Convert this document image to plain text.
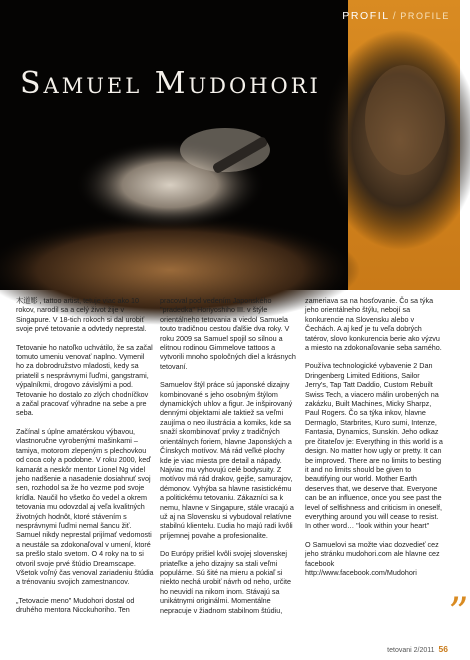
PROFIL / PROFILE
Samuel Mudohori

木道彫 , tattoo artist, tetuje viac ako 10 rokov, narodil sa a celý život žije v Singapure. V 18-tich rokoch si dal urobiť svoje prvé tetovanie a odvtedy neprestal.

Tetovanie ho natoľko uchvátilo, že sa začal tomuto umeniu venovať naplno. Vymenil ho za dobrodružstvo mladosti, kedy sa priatelil s nesprávnymi ľuďmi, gangstrami, výpalníkmi, drogovo závislými a pod. Tetovanie ho dostalo zo zlých chodníčkov a začal pracovať výhradne na sebe a pre seba.

Začínal s úplne amatérskou výbavou, vlastnoručne vyrobenými mašinkami – tamiya, motorom zlepeným s plechovkou od coca coly a podobne. V roku 2000, keď kamarát a neskôr mentor Lionel Ng videl jeho nadšenie a nasadenie dosiahnuť svoj sen, rozhodol sa že ho vezme pod svoje krídla. Naučil ho všetko čo vedel a okrem tetovania mu odovzdal aj veľa kvalitných životných hodnôt, ktoré stávením s nesprávnymi ľuďmi nemal šancu žiť. Samuel nikdy neprestal prijímať vedomosti a neustále sa zdokonaľoval v umení, ktoré sa prešlo stalo svetom. O 4 roky na to si otvoril svoje prvé štúdio Dreamscape. Všetok voľný čas venoval zariadeniu štúdia a trénovaniu svojich zamestnancov.

„Tetovacie meno" Mudohori dostal od druhého mentora Nicckuhoriho. Ten

pracoval pod vedením Japonského "pradedka" Horiyoshiho III. v štýle orientálneho tetovania a viedol Samuela touto tradičnou cestou ďalšie dva roky. V roku 2009 sa Samuel spojil so silnou a elitnou rodinou Gimmelove tattoos a vytvorili mnoho spoločných diel a krásnych tetovaní.

Samuelov štýl práce sú japonské dizajny kombinované s jeho osobným štýlom dynamických uhlov a figur. Je inšpirovaný dennými objektami ale taktiež sa veľmi zaujíma o neo ilustrácia a komiks, kde sa snaží skombinovať prvky z tradičných orientálnych foriem, hlavne Japonských a Čínskych motívov. Má rád veľké plochy kde je viac miesta pre detail a nápady. Najviac mu vyhovujú celé bodysuity. Z motívov má rád drakov, gejše, samurajov, démonov. Vyhýba sa hlavne rasistickému a politickému tetovaniu. Zákazníci sa k nemu, hlavne v Singapure, stále vracajú a už aj na Slovensku si vybudoval relatívne stabilnú klientelu. Ľudia ho majú radi kvôli príjemnej povahe a profesionalite.

Do Európy prišiel kvôli svojej slovenskej priateľke a jeho dizajny sa stali veľmi populárne. Sú šité na mieru a pokiaľ si niekto nechá urobiť návrh od neho, určite ho neuvidí na nikom inom. Stávajú sa unikátnymi originálmi. Momentálne nepracuje v žiadnom stabilnom štúdiu,

zameriava sa na hosťovanie. Čo sa týka jeho orientálneho štýlu, nebojí sa konkurencie na Slovensku alebo v Čechách. A aj keď je tu veľa dobrých tatérov, slovo konkurencia berie ako výzvu a miesto na zdokonaľovanie seba samého.

Používa technologické vybavenie 2 Dan Dringenberg Limited Editions, Sailor Jerry's, Tap Tatt Daddio, Custom Rebuilt Swiss Tech, a viacero málin urobených na zakázku, Built Machines, Micky Sharpz, Paul Rogers. Čo sa týka inkov, hlavne Dermaglo, Starbrites, Kuro sumi, Intenze, Fantasia, Dynamics, Sunskin. Jeho odkaz pre čitateľov je: Everything in this world is a design. No matter how ugly or pretty. It can be improved. There are no limits to besting it and no limits should be given to beautifying our world. Mother Earth deserves that, we deserve that. Everyone can be an influence, once you see past the level of selfishness and criticism in oneself, everything around you will cease to resist. In other word… "look within your heart"

O Samuelovi sa možte viac dozvedieť cez jeho stránku mudohori.com ale hlavne cez facebook http://www.facebook.com/Mudohori „
tetovani 2/2011 56
